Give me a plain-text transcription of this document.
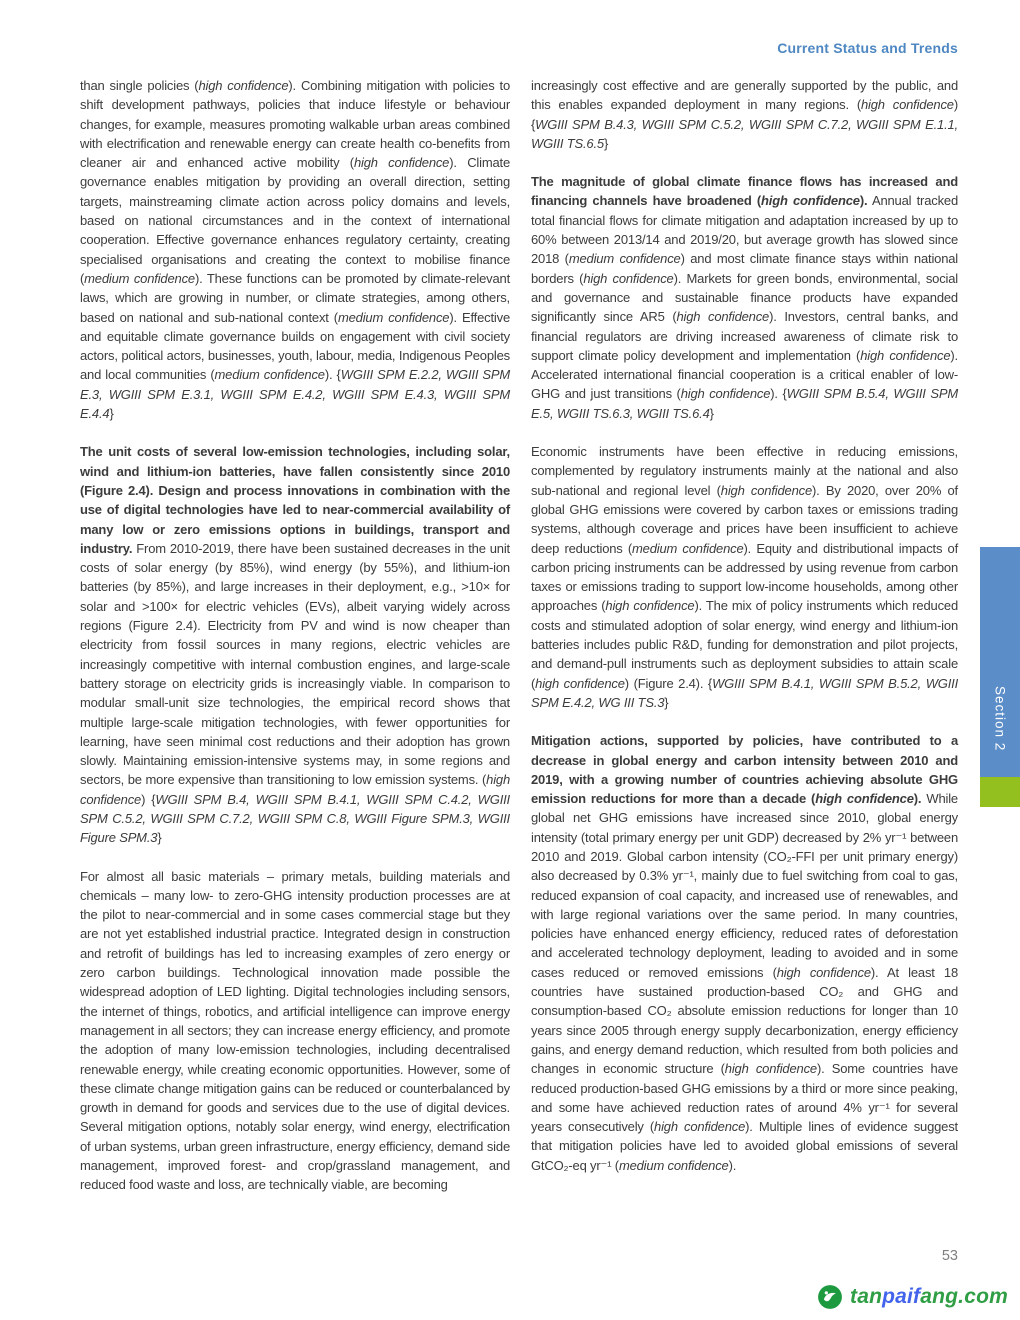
Current Status and Trends

than single policies (high confidence). Combining mitigation with policies to shift development pathways, policies that induce lifestyle or behaviour changes, for example, measures promoting walkable urban areas combined with electrification and renewable energy can create health co-benefits from cleaner air and enhanced active mobility (high confidence). Climate governance enables mitigation by providing an overall direction, setting targets, mainstreaming climate action across policy domains and levels, based on national circumstances and in the context of international cooperation. Effective governance enhances regulatory certainty, creating specialised organisations and creating the context to mobilise finance (medium confidence). These functions can be promoted by climate-relevant laws, which are growing in number, or climate strategies, among others, based on national and sub-national context (medium confidence). Effective and equitable climate governance builds on engagement with civil society actors, political actors, businesses, youth, labour, media, Indigenous Peoples and local communities (medium confidence). {WGIII SPM E.2.2, WGIII SPM E.3, WGIII SPM E.3.1, WGIII SPM E.4.2, WGIII SPM E.4.3, WGIII SPM E.4.4}

The unit costs of several low-emission technologies, including solar, wind and lithium-ion batteries, have fallen consistently since 2010 (Figure 2.4). Design and process innovations in combination with the use of digital technologies have led to near-commercial availability of many low or zero emissions options in buildings, transport and industry. From 2010-2019, there have been sustained decreases in the unit costs of solar energy (by 85%), wind energy (by 55%), and lithium-ion batteries (by 85%), and large increases in their deployment, e.g., >10× for solar and >100× for electric vehicles (EVs), albeit varying widely across regions (Figure 2.4). Electricity from PV and wind is now cheaper than electricity from fossil sources in many regions, electric vehicles are increasingly competitive with internal combustion engines, and large-scale battery storage on electricity grids is increasingly viable. In comparison to modular small-unit size technologies, the empirical record shows that multiple large-scale mitigation technologies, with fewer opportunities for learning, have seen minimal cost reductions and their adoption has grown slowly. Maintaining emission-intensive systems may, in some regions and sectors, be more expensive than transitioning to low emission systems. (high confidence) {WGIII SPM B.4, WGIII SPM B.4.1, WGIII SPM C.4.2, WGIII SPM C.5.2, WGIII SPM C.7.2, WGIII SPM C.8, WGIII Figure SPM.3, WGIII Figure SPM.3}

For almost all basic materials – primary metals, building materials and chemicals – many low- to zero-GHG intensity production processes are at the pilot to near-commercial and in some cases commercial stage but they are not yet established industrial practice. Integrated design in construction and retrofit of buildings has led to increasing examples of zero energy or zero carbon buildings. Technological innovation made possible the widespread adoption of LED lighting. Digital technologies including sensors, the internet of things, robotics, and artificial intelligence can improve energy management in all sectors; they can increase energy efficiency, and promote the adoption of many low-emission technologies, including decentralised renewable energy, while creating economic opportunities. However, some of these climate change mitigation gains can be reduced or counterbalanced by growth in demand for goods and services due to the use of digital devices. Several mitigation options, notably solar energy, wind energy, electrification of urban systems, urban green infrastructure, energy efficiency, demand side management, improved forest- and crop/grassland management, and reduced food waste and loss, are technically viable, are becoming

increasingly cost effective and are generally supported by the public, and this enables expanded deployment in many regions. (high confidence) {WGIII SPM B.4.3, WGIII SPM C.5.2, WGIII SPM C.7.2, WGIII SPM E.1.1, WGIII TS.6.5}

The magnitude of global climate finance flows has increased and financing channels have broadened (high confidence). Annual tracked total financial flows for climate mitigation and adaptation increased by up to 60% between 2013/14 and 2019/20, but average growth has slowed since 2018 (medium confidence) and most climate finance stays within national borders (high confidence). Markets for green bonds, environmental, social and governance and sustainable finance products have expanded significantly since AR5 (high confidence). Investors, central banks, and financial regulators are driving increased awareness of climate risk to support climate policy development and implementation (high confidence). Accelerated international financial cooperation is a critical enabler of low-GHG and just transitions (high confidence). {WGIII SPM B.5.4, WGIII SPM E.5, WGIII TS.6.3, WGIII TS.6.4}

Economic instruments have been effective in reducing emissions, complemented by regulatory instruments mainly at the national and also sub-national and regional level (high confidence). By 2020, over 20% of global GHG emissions were covered by carbon taxes or emissions trading systems, although coverage and prices have been insufficient to achieve deep reductions (medium confidence). Equity and distributional impacts of carbon pricing instruments can be addressed by using revenue from carbon taxes or emissions trading to support low-income households, among other approaches (high confidence). The mix of policy instruments which reduced costs and stimulated adoption of solar energy, wind energy and lithium-ion batteries includes public R&D, funding for demonstration and pilot projects, and demand-pull instruments such as deployment subsidies to attain scale (high confidence) (Figure 2.4). {WGIII SPM B.4.1, WGIII SPM B.5.2, WGIII SPM E.4.2, WG III TS.3}

Mitigation actions, supported by policies, have contributed to a decrease in global energy and carbon intensity between 2010 and 2019, with a growing number of countries achieving absolute GHG emission reductions for more than a decade (high confidence). While global net GHG emissions have increased since 2010, global energy intensity (total primary energy per unit GDP) decreased by 2% yr⁻¹ between 2010 and 2019. Global carbon intensity (CO₂-FFI per unit primary energy) also decreased by 0.3% yr⁻¹, mainly due to fuel switching from coal to gas, reduced expansion of coal capacity, and increased use of renewables, and with large regional variations over the same period. In many countries, policies have enhanced energy efficiency, reduced rates of deforestation and accelerated technology deployment, leading to avoided and in some cases reduced or removed emissions (high confidence). At least 18 countries have sustained production-based CO₂ and GHG and consumption-based CO₂ absolute emission reductions for longer than 10 years since 2005 through energy supply decarbonization, energy efficiency gains, and energy demand reduction, which resulted from both policies and changes in economic structure (high confidence). Some countries have reduced production-based GHG emissions by a third or more since peaking, and some have achieved reduction rates of around 4% yr⁻¹ for several years consecutively (high confidence). Multiple lines of evidence suggest that mitigation policies have led to avoided global emissions of several GtCO₂-eq yr⁻¹ (medium confidence).

Section 2
53
tanpaifang.com
